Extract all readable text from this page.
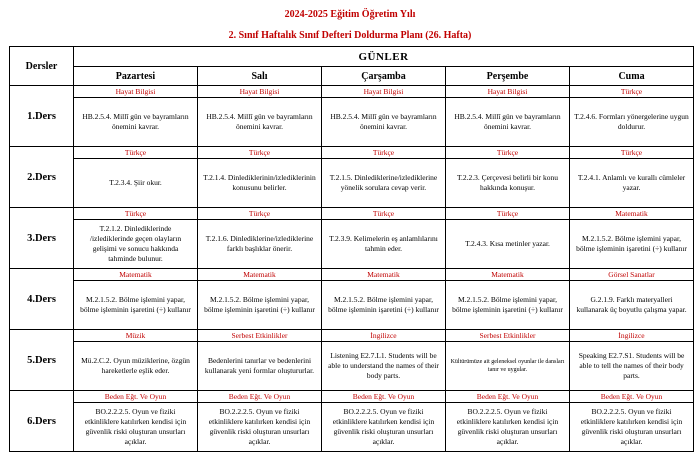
2024-2025 Eğitim Öğretim Yılı
2. Sınıf Haftalık Sınıf Defteri Doldurma Planı (26. Hafta)
Dersler	GÜNLER				
	Pazartesi	Salı	Çarşamba	Perşembe	Cuma
1.Ders	Hayat Bilgisi	Hayat Bilgisi	Hayat Bilgisi	Hayat Bilgisi	Türkçe
	HB.2.5.4. Millî gün ve bayramların önemini kavrar.	HB.2.5.4. Millî gün ve bayramların önemini kavrar.	HB.2.5.4. Millî gün ve bayramların önemini kavrar.	HB.2.5.4. Millî gün ve bayramların önemini kavrar.	T.2.4.6. Formları yönergelerine uygun doldurur.
2.Ders	Türkçe	Türkçe	Türkçe	Türkçe	Türkçe
	T.2.3.4. Şiir okur.	T.2.1.4. Dinlediklerinin/izlediklerinin konusunu belirler.	T.2.1.5. Dinlediklerine/izlediklerine yönelik sorulara cevap verir.	T.2.2.3. Çerçevesi belirli bir konu hakkında konuşur.	T.2.4.1. Anlamlı ve kurallı cümleler yazar.
3.Ders	Türkçe	Türkçe	Türkçe	Türkçe	Matematik
	T.2.1.2. Dinlediklerinde /izlediklerinde geçen olayların gelişimi ve sonucu hakkında tahminde bulunur.	T.2.1.6. Dinlediklerine/izlediklerine farklı başlıklar önerir.	T.2.3.9. Kelimelerin eş anlamlılarını tahmin eder.	T.2.4.3. Kısa metinler yazar.	M.2.1.5.2. Bölme işlemini yapar, bölme işleminin işaretini (÷) kullanır
4.Ders	Matematik	Matematik	Matematik	Matematik	Görsel Sanatlar
	M.2.1.5.2. Bölme işlemini yapar, bölme işleminin işaretini (÷) kullanır	M.2.1.5.2. Bölme işlemini yapar, bölme işleminin işaretini (÷) kullanır	M.2.1.5.2. Bölme işlemini yapar, bölme işleminin işaretini (÷) kullanır	M.2.1.5.2. Bölme işlemini yapar, bölme işleminin işaretini (÷) kullanır	G.2.1.9. Farklı materyalleri kullanarak üç boyutlu çalışma yapar.
5.Ders	Müzik	Serbest Etkinlikler	İngilizce	Serbest Etkinlikler	İngilizce
	Mü.2.C.2. Oyun müziklerine, özgün hareketlerle eşlik eder.	Bedenlerini tanırlar ve bedenlerini kullanarak yeni formlar oluştururlar.	Listening E2.7.L1. Students will be able to understand the names of their body parts.	Kültürümüze ait geleneksel oyunlar ile dansları tanır ve uygular.	Speaking E2.7.S1. Students will be able to tell the names of their body parts.
6.Ders	Beden Eğt. Ve Oyun	Beden Eğt. Ve Oyun	Beden Eğt. Ve Oyun	Beden Eğt. Ve Oyun	Beden Eğt. Ve Oyun
	BO.2.2.2.5. Oyun ve fiziki etkinliklere katılırken kendisi için güvenlik riski oluşturan unsurları açıklar.	BO.2.2.2.5. Oyun ve fiziki etkinliklere katılırken kendisi için güvenlik riski oluşturan unsurları açıklar.	BO.2.2.2.5. Oyun ve fiziki etkinliklere katılırken kendisi için güvenlik riski oluşturan unsurları açıklar.	BO.2.2.2.5. Oyun ve fiziki etkinliklere katılırken kendisi için güvenlik riski oluşturan unsurları açıklar.	BO.2.2.2.5. Oyun ve fiziki etkinliklere katılırken kendisi için güvenlik riski oluşturan unsurları açıklar.
